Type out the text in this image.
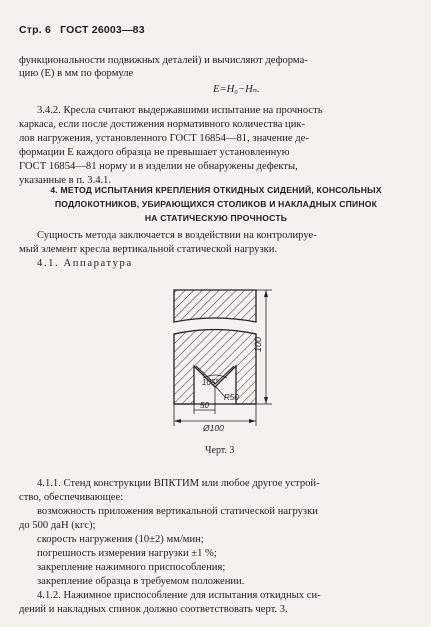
Стр. 6 ГОСТ 26003—83
функциональности подвижных деталей) и вычисляют деформа-
цию (Е) в мм по формуле
E=H₀−Hₙ.
3.4.2. Кресла считают выдержавшими испытание на прочность
каркаса, если после достижения нормативного количества цик-
лов нагружения, установленного ГОСТ 16854—81, значение де-
формации Е каждого образца не превышает установленную
ГОСТ 16854—81 норму и в изделии не обнаружены дефекты,
указанные в п. 3.4.1.
4. МЕТОД ИСПЫТАНИЯ КРЕПЛЕНИЯ ОТКИДНЫХ СИДЕНИЙ, КОНСОЛЬНЫХ
ПОДЛОКОТНИКОВ, УБИРАЮЩИХСЯ СТОЛИКОВ И НАКЛАДНЫХ СПИНОК
НА СТАТИЧЕСКУЮ ПРОЧНОСТЬ
Сущность метода заключается в воздействии на контролируе-
мый элемент кресла вертикальной статической нагрузки.
4.1. Аппаратура
100
105°
R50
50
Ø100
Черт. 3
4.1.1. Стенд конструкции ВПКТИМ или любое другое устрой-
ство, обеспечивающее:
возможность приложения вертикальной статической нагрузки
до 500 даН (кгс);
скорость нагружения (10±2) мм/мин;
погрешность измерения нагрузки ±1 %;
закрепление нажимного приспособления;
закрепление образца в требуемом положении.
4.1.2. Нажимное приспособление для испытания откидных си-
дений и накладных спинок должно соответствовать черт. 3.
